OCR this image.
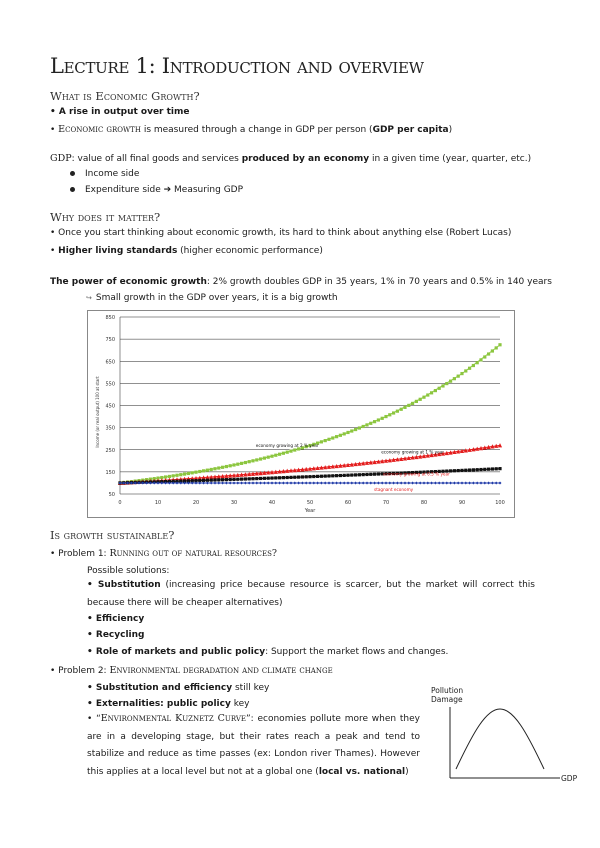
Lecture 1: Introduction and overview
What is Economic Growth?
• A rise in output over time
• Economic growth is measured through a change in GDP per person (GDP per capita)
GDP: value of all final goods and services produced by an economy in a given time (year, quarter, etc.)
Income side
Expenditure side ➔ Measuring GDP
Why does it matter?
• Once you start thinking about economic growth, its hard to think about anything else (Robert Lucas)
• Higher living standards (higher economic performance)
The power of economic growth: 2% growth doubles GDP in 35 years, 1% in 70 years and 0.5% in 140 years
↪ Small growth in the GDP over years, it is a big growth
50
150
250
350
450
550
650
750
850
0	10	20	30	40	50	60	70	80	90	100
economy growing at 2 % year
economy growing at 1 % year
economy growing at 0.5 % year
stagnant economy
Income (or real output) 100 at start
Year
Is growth sustainable?
• Problem 1: Running out of natural resources?
Possible solutions:
• Substitution (increasing price because resource is scarcer, but the market will correct this because there will be cheaper alternatives)
• Efficiency
• Recycling
• Role of markets and public policy: Support the market flows and changes.
• Problem 2: Environmental degradation and climate change
• Substitution and efficiency still key
• Externalities: public policy key
• “Environmental Kuznetz Curve”: economies pollute more when they are in a developing stage, but their rates reach a peak and tend to stabilize and reduce as time passes (ex: London river Thames). However this applies at a local level but not at a global one (local vs. national)
Pollution
Damage
GDP
